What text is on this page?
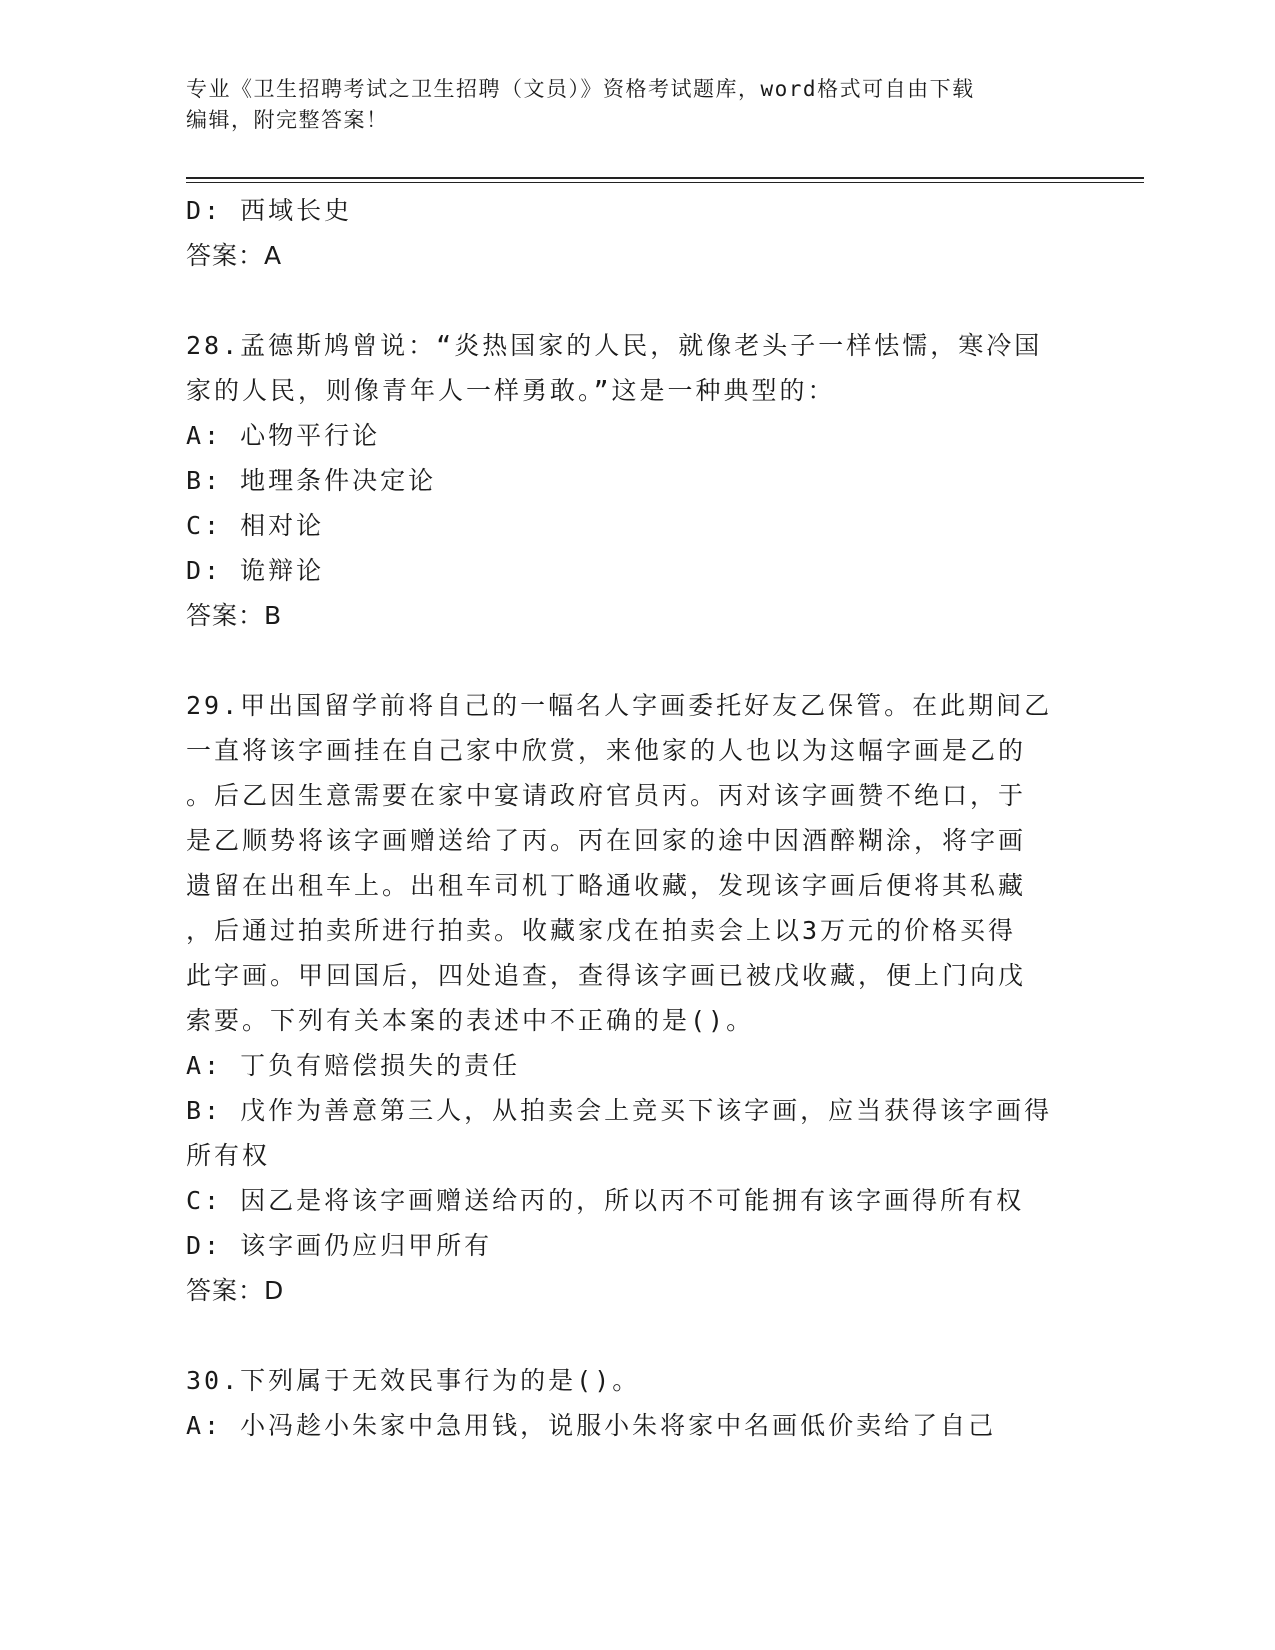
专业《卫生招聘考试之卫生招聘（文员）》资格考试题库，word格式可自由下载
编辑，附完整答案！

D: 西域长史

答案：A

28.孟德斯鸠曾说：“炎热国家的人民，就像老头子一样怯懦，寒冷国

家的人民，则像青年人一样勇敢。”这是一种典型的：

A: 心物平行论

B: 地理条件决定论

C: 相对论

D: 诡辩论

答案：B

29.甲出国留学前将自己的一幅名人字画委托好友乙保管。在此期间乙

一直将该字画挂在自己家中欣赏，来他家的人也以为这幅字画是乙的

。后乙因生意需要在家中宴请政府官员丙。丙对该字画赞不绝口，于

是乙顺势将该字画赠送给了丙。丙在回家的途中因酒醉糊涂，将字画

遗留在出租车上。出租车司机丁略通收藏，发现该字画后便将其私藏

，后通过拍卖所进行拍卖。收藏家戊在拍卖会上以3万元的价格买得

此字画。甲回国后，四处追查，查得该字画已被戊收藏，便上门向戊

索要。下列有关本案的表述中不正确的是()。

A: 丁负有赔偿损失的责任

B: 戊作为善意第三人，从拍卖会上竞买下该字画，应当获得该字画得

所有权

C: 因乙是将该字画赠送给丙的，所以丙不可能拥有该字画得所有权

D: 该字画仍应归甲所有

答案：D

30.下列属于无效民事行为的是()。

A: 小冯趁小朱家中急用钱，说服小朱将家中名画低价卖给了自己
